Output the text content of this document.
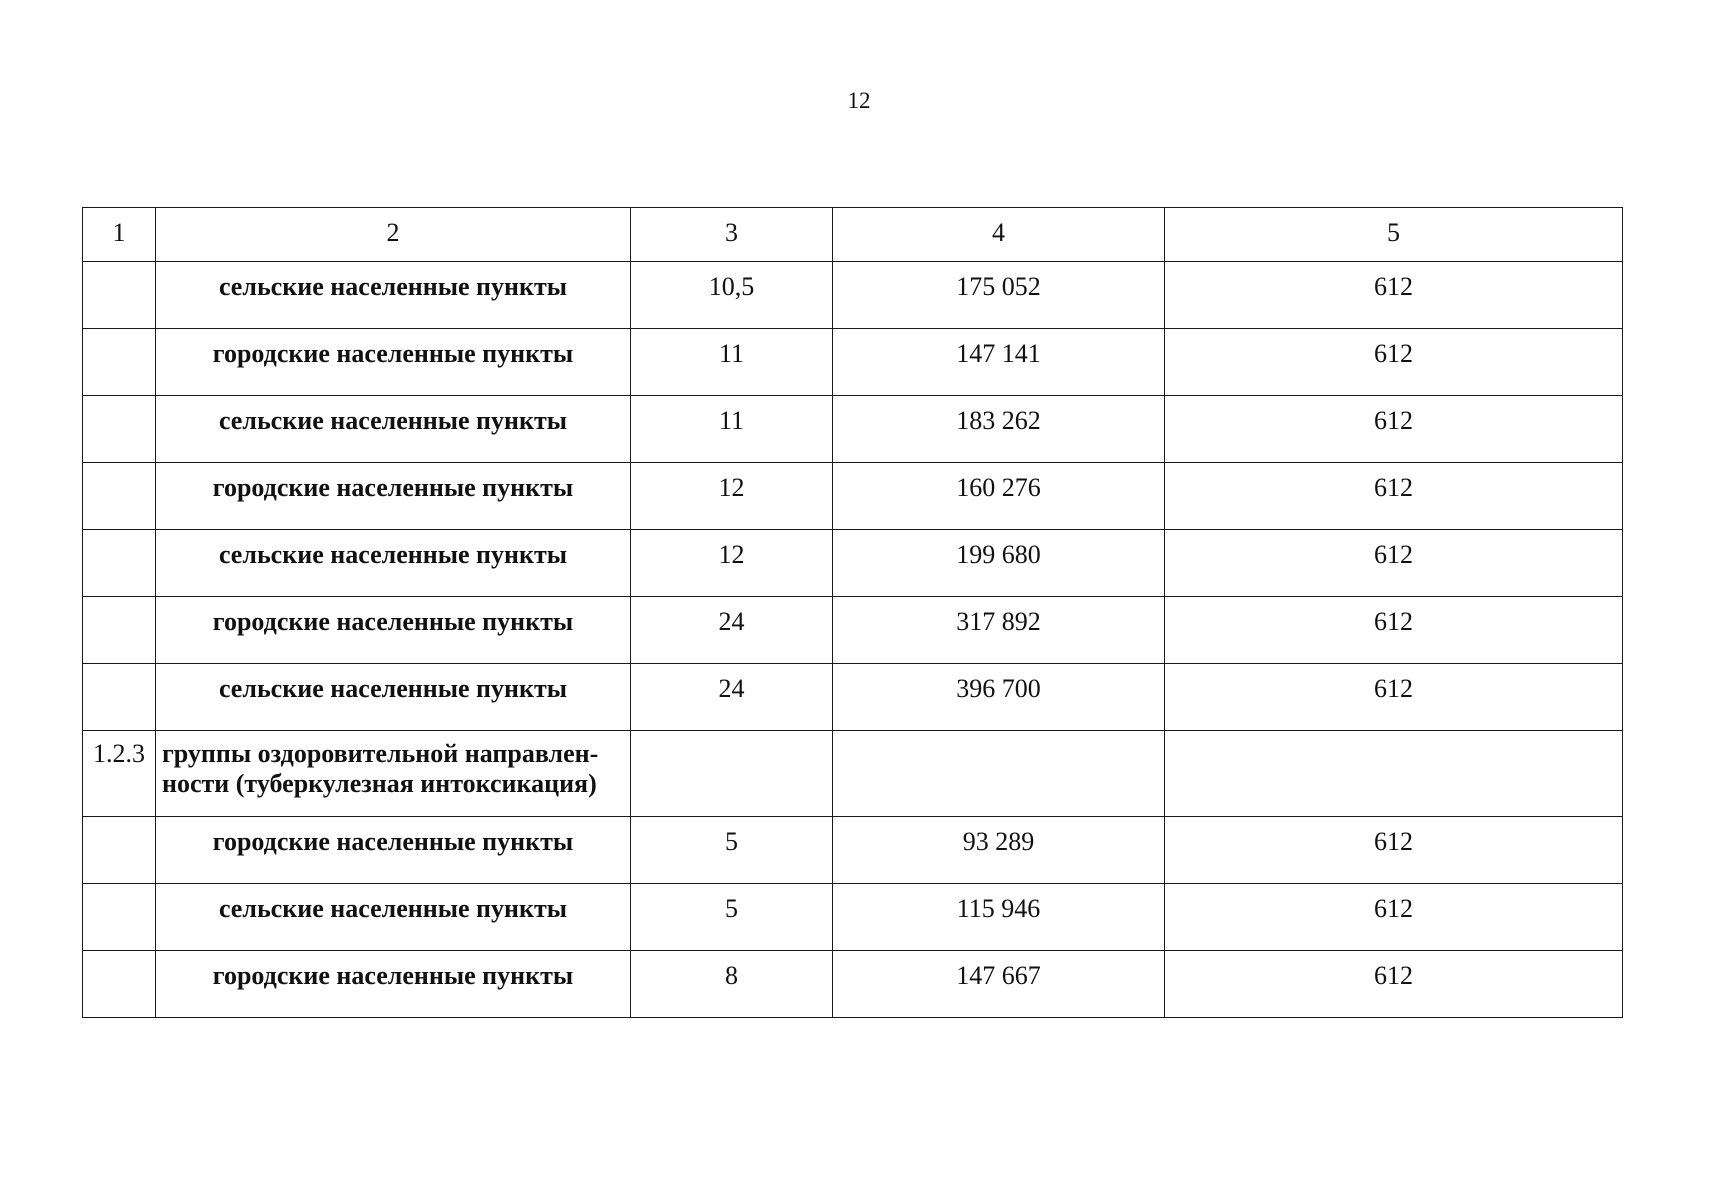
12
1	2	3	4	5
	сельские населенные пункты	10,5	175 052	612
	городские населенные пункты	11	147 141	612
	сельские населенные пункты	11	183 262	612
	городские населенные пункты	12	160 276	612
	сельские населенные пункты	12	199 680	612
	городские населенные пункты	24	317 892	612
	сельские населенные пункты	24	396 700	612
1.2.3	группы оздоровительной направлен-
ности (туберкулезная интоксикация)			

	городские населенные пункты	5	93 289	612
	сельские населенные пункты	5	115 946	612
	городские населенные пункты	8	147 667	612
